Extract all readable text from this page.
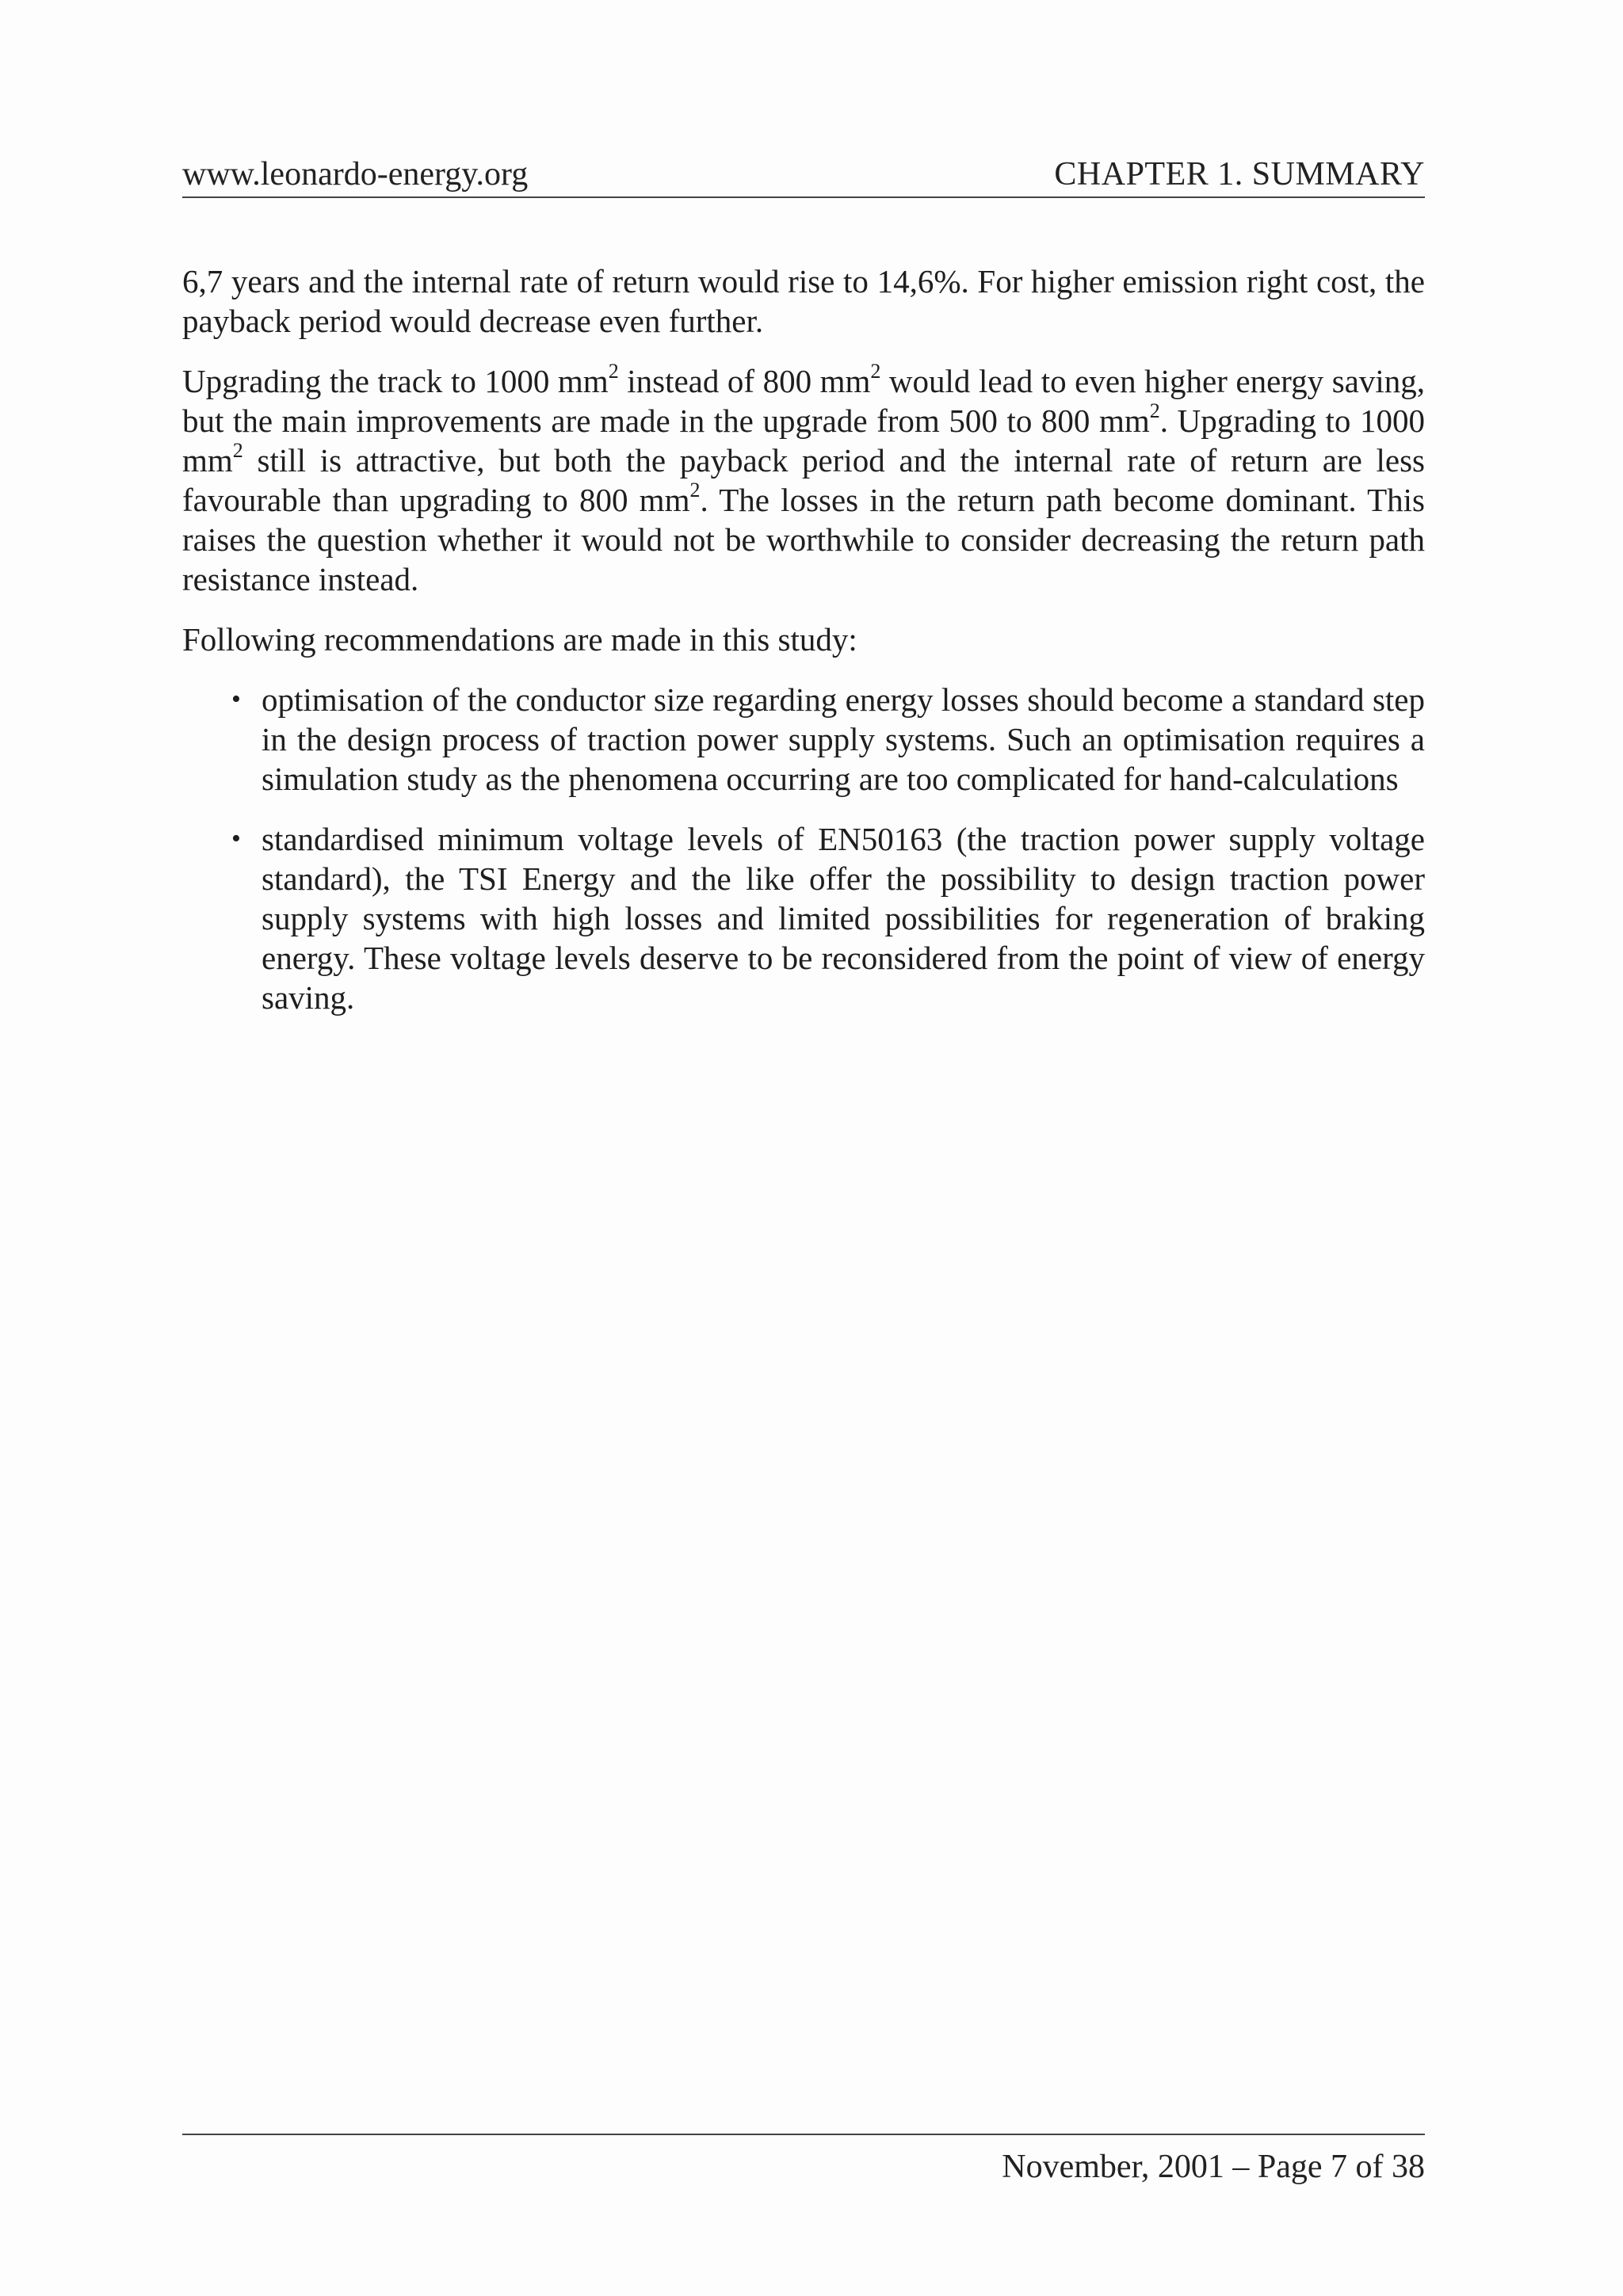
www.leonardo-energy.org	CHAPTER 1. SUMMARY

6,7 years and the internal rate of return would rise to 14,6%. For higher emission right cost, the payback period would decrease even further.

Upgrading the track to 1000 $mm^2$ instead of 800 $mm^2$ would lead to even higher energy saving, but the main improvements are made in the upgrade from 500 to 800 $mm^2$. Upgrading to 1000 $mm^2$ still is attractive, but both the payback period and the internal rate of return are less favourable than upgrading to 800 $mm^2$. The losses in the return path become dominant. This raises the question whether it would not be worthwhile to consider decreasing the return path resistance instead.

Following recommendations are made in this study:

• optimisation of the conductor size regarding energy losses should become a standard step in the design process of traction power supply systems. Such an optimisation requires a simulation study as the phenomena occurring are too complicated for hand-calculations
• standardised minimum voltage levels of EN50163 (the traction power supply voltage standard), the TSI Energy and the like offer the possibility to design traction power supply systems with high losses and limited possibilities for regeneration of braking energy. These voltage levels deserve to be reconsidered from the point of view of energy saving.
November, 2001 – Page 7 of 38
